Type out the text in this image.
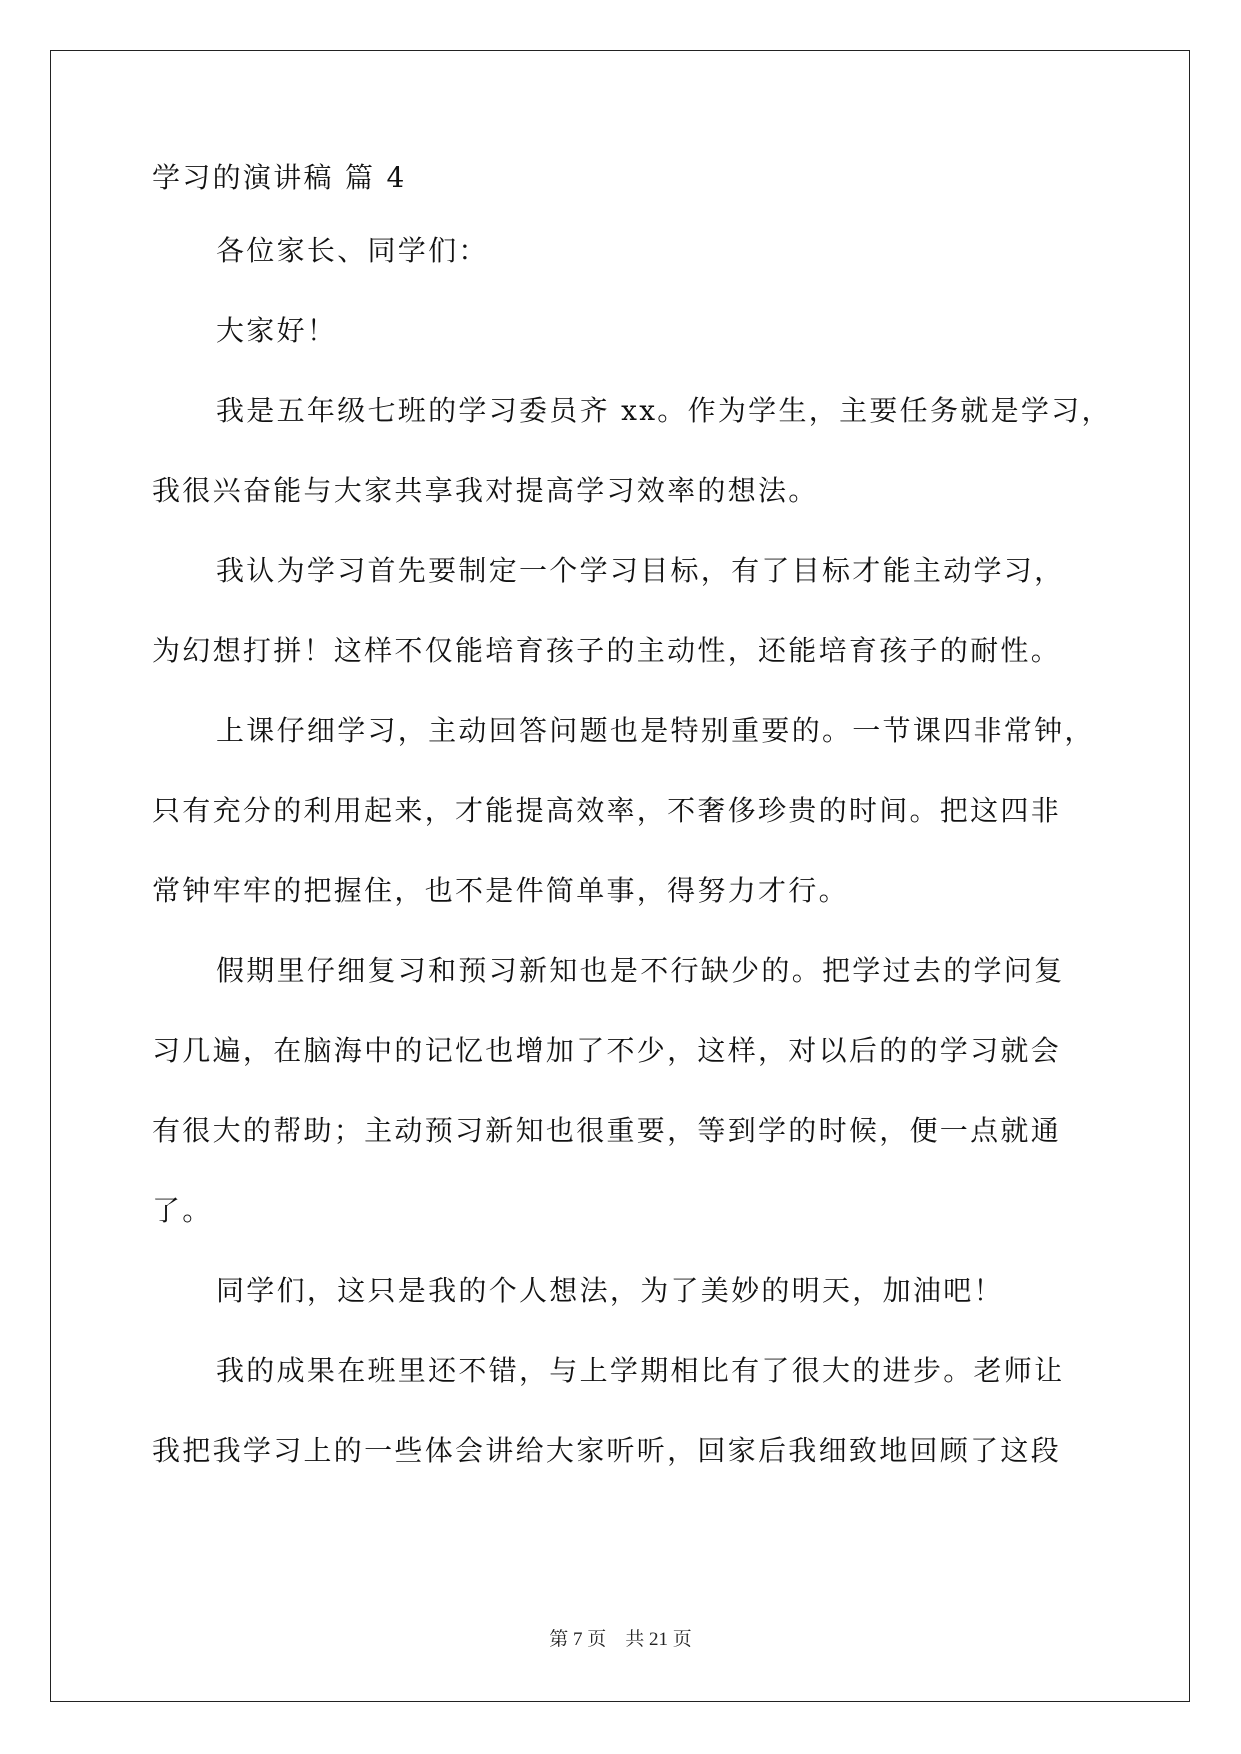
学习的演讲稿 篇 4
各位家长、同学们：
大家好！
我是五年级七班的学习委员齐 xx。作为学生，主要任务就是学习，
我很兴奋能与大家共享我对提高学习效率的想法。
我认为学习首先要制定一个学习目标，有了目标才能主动学习，
为幻想打拼！这样不仅能培育孩子的主动性，还能培育孩子的耐性。
上课仔细学习，主动回答问题也是特别重要的。一节课四非常钟，
只有充分的利用起来，才能提高效率，不奢侈珍贵的时间。把这四非
常钟牢牢的把握住，也不是件简单事，得努力才行。
假期里仔细复习和预习新知也是不行缺少的。把学过去的学问复
习几遍，在脑海中的记忆也增加了不少，这样，对以后的的学习就会
有很大的帮助；主动预习新知也很重要，等到学的时候，便一点就通
了。
同学们，这只是我的个人想法，为了美妙的明天，加油吧！
我的成果在班里还不错，与上学期相比有了很大的进步。老师让
我把我学习上的一些体会讲给大家听听，回家后我细致地回顾了这段
第 7 页　共 21 页
